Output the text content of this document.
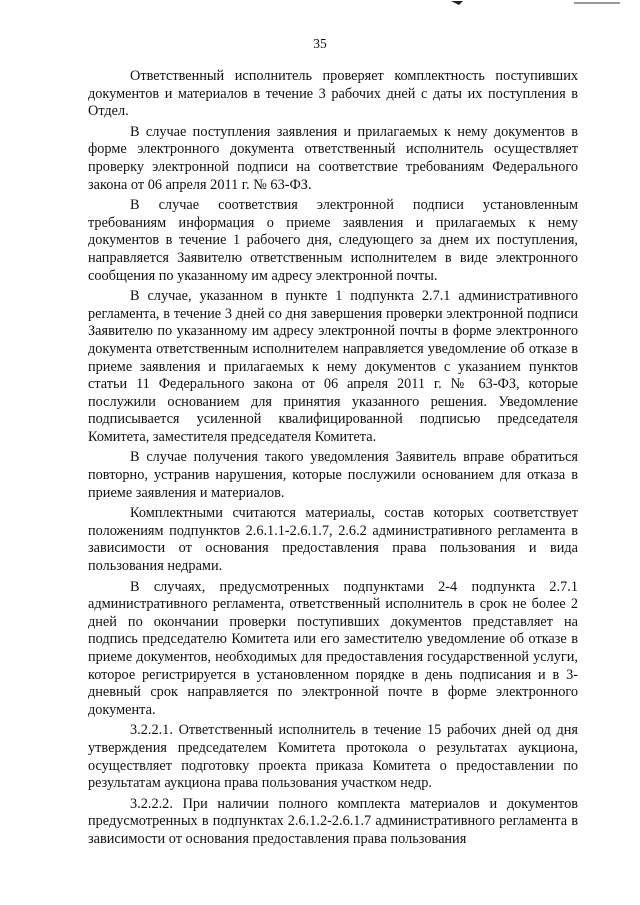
35

Ответственный исполнитель проверяет комплектность поступивших документов и материалов в течение 3 рабочих дней с даты их поступления в Отдел.

В случае поступления заявления и прилагаемых к нему документов в форме электронного документа ответственный исполнитель осуществляет проверку электронной подписи на соответствие требованиям Федерального закона от 06 апреля 2011 г. № 63-ФЗ.

В случае соответствия электронной подписи установленным требованиям информация о приеме заявления и прилагаемых к нему документов в течение 1 рабочего дня, следующего за днем их поступления, направляется Заявителю ответственным исполнителем в виде электронного сообщения по указанному им адресу электронной почты.

В случае, указанном в пункте 1 подпункта 2.7.1 административного регламента, в течение 3 дней со дня завершения проверки электронной подписи Заявителю по указанному им адресу электронной почты в форме электронного документа ответственным исполнителем направляется уведомление об отказе в приеме заявления и прилагаемых к нему документов с указанием пунктов статьи 11 Федерального закона от 06 апреля 2011 г. № 63-ФЗ, которые послужили основанием для принятия указанного решения. Уведомление подписывается усиленной квалифицированной подписью председателя Комитета, заместителя председателя Комитета.

В случае получения такого уведомления Заявитель вправе обратиться повторно, устранив нарушения, которые послужили основанием для отказа в приеме заявления и материалов.

Комплектными считаются материалы, состав которых соответствует положениям подпунктов 2.6.1.1-2.6.1.7, 2.6.2 административного регламента в зависимости от основания предоставления права пользования и вида пользования недрами.

В случаях, предусмотренных подпунктами 2-4 подпункта 2.7.1 административного регламента, ответственный исполнитель в срок не более 2 дней по окончании проверки поступивших документов представляет на подпись председателю Комитета или его заместителю уведомление об отказе в приеме документов, необходимых для предоставления государственной услуги, которое регистрируется в установленном порядке в день подписания и в 3-дневный срок направляется по электронной почте в форме электронного документа.

3.2.2.1. Ответственный исполнитель в течение 15 рабочих дней од дня утверждения председателем Комитета протокола о результатах аукциона, осуществляет подготовку проекта приказа Комитета о предоставлении по результатам аукциона права пользования участком недр.

3.2.2.2. При наличии полного комплекта материалов и документов предусмотренных в подпунктах 2.6.1.2-2.6.1.7 административного регламента в зависимости от основания предоставления права пользования
